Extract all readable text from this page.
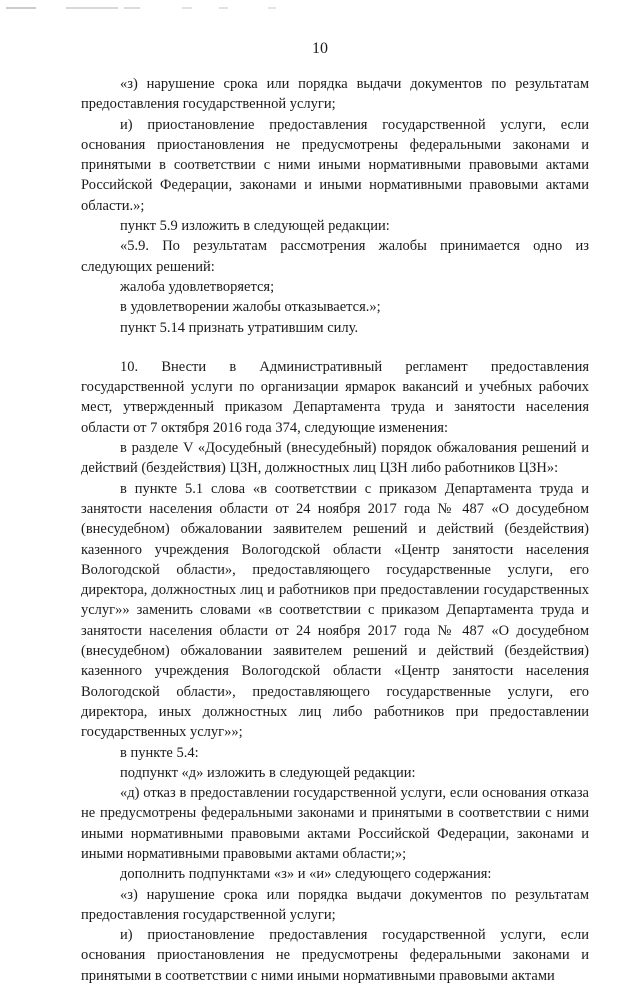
10

«з) нарушение срока или порядка выдачи документов по результатам предоставления государственной услуги;

и) приостановление предоставления государственной услуги, если основания приостановления не предусмотрены федеральными законами и принятыми в соответствии с ними иными нормативными правовыми актами Российской Федерации, законами и иными нормативными правовыми актами области.»;

пункт 5.9 изложить в следующей редакции:

«5.9. По результатам рассмотрения жалобы принимается одно из следующих решений:

жалоба удовлетворяется;

в удовлетворении жалобы отказывается.»;

пункт 5.14 признать утратившим силу.

10. Внести в Административный регламент предоставления государственной услуги по организации ярмарок вакансий и учебных рабочих мест, утвержденный приказом Департамента труда и занятости населения области от 7 октября 2016 года 374, следующие изменения:

в разделе V «Досудебный (внесудебный) порядок обжалования решений и действий (бездействия) ЦЗН, должностных лиц ЦЗН либо работников ЦЗН»:

в пункте 5.1 слова «в соответствии с приказом Департамента труда и занятости населения области от 24 ноября 2017 года № 487 «О досудебном (внесудебном) обжаловании заявителем решений и действий (бездействия) казенного учреждения Вологодской области «Центр занятости населения Вологодской области», предоставляющего государственные услуги, его директора, должностных лиц и работников при предоставлении государственных услуг»» заменить словами «в соответствии с приказом Департамента труда и занятости населения области от 24 ноября 2017 года № 487 «О досудебном (внесудебном) обжаловании заявителем решений и действий (бездействия) казенного учреждения Вологодской области «Центр занятости населения Вологодской области», предоставляющего государственные услуги, его директора, иных должностных лиц либо работников при предоставлении государственных услуг»»;

в пункте 5.4:

подпункт «д» изложить в следующей редакции:

«д) отказ в предоставлении государственной услуги, если основания отказа не предусмотрены федеральными законами и принятыми в соответствии с ними иными нормативными правовыми актами Российской Федерации, законами и иными нормативными правовыми актами области;»;

дополнить подпунктами «з» и «и» следующего содержания:

«з) нарушение срока или порядка выдачи документов по результатам предоставления государственной услуги;

и) приостановление предоставления государственной услуги, если основания приостановления не предусмотрены федеральными законами и принятыми в соответствии с ними иными нормативными правовыми актами
